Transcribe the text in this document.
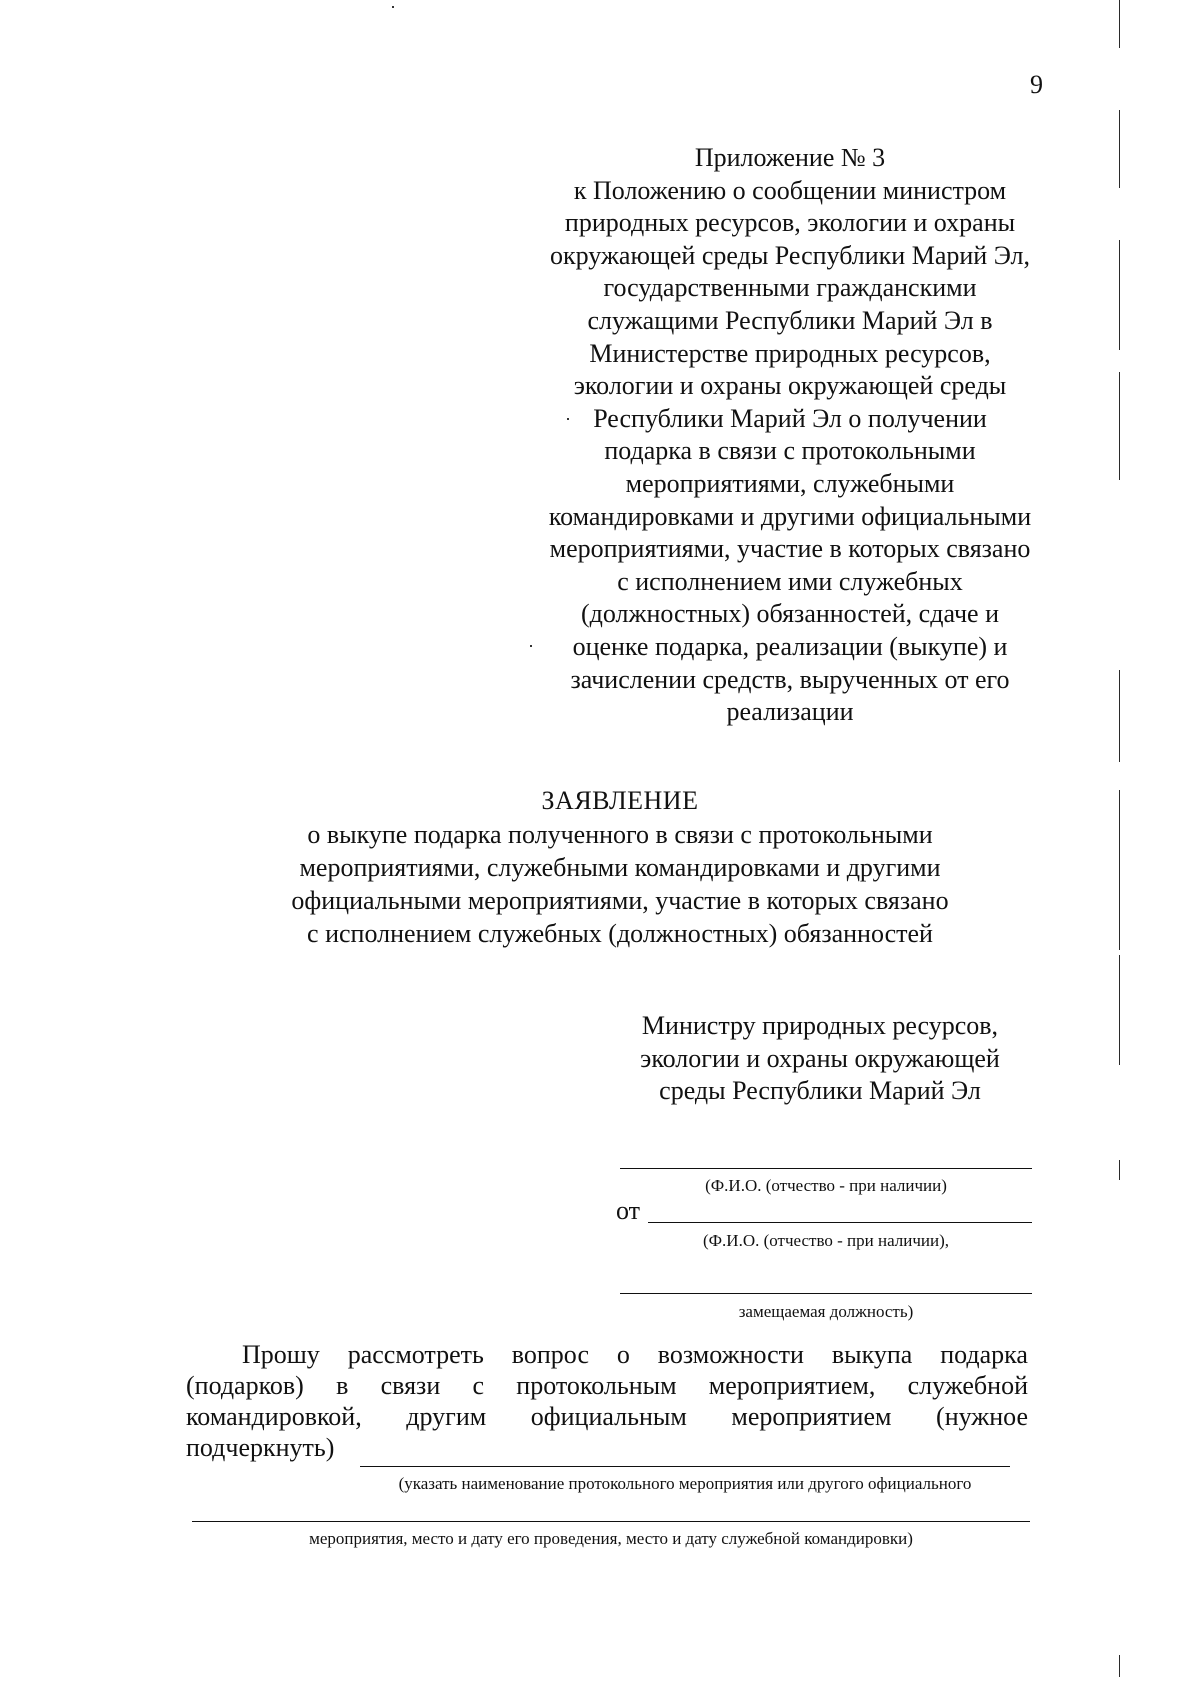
9
Приложение № 3
к Положению о сообщении министром
природных ресурсов, экологии и охраны
окружающей среды Республики Марий Эл,
государственными гражданскими
служащими Республики Марий Эл в
Министерстве природных ресурсов,
экологии и охраны окружающей среды
Республики Марий Эл о получении
подарка в связи с протокольными
мероприятиями, служебными
командировками и другими официальными
мероприятиями, участие в которых связано
с исполнением ими служебных
(должностных) обязанностей, сдаче и
оценке подарка, реализации (выкупе) и
зачислении средств, вырученных от его
реализации
ЗАЯВЛЕНИЕ
о выкупе подарка полученного в связи с протокольными
мероприятиями, служебными командировками и другими
официальными мероприятиями, участие в которых связано
с исполнением служебных (должностных) обязанностей
Министру природных ресурсов,
экологии и охраны окружающей
среды Республики Марий Эл
(Ф.И.О. (отчество - при наличии)
от
(Ф.И.О. (отчество - при наличии),
замещаемая должность)
Прошу рассмотреть вопрос о возможности выкупа подарка
(подарков) в связи с протокольным мероприятием, служебной
командировкой, другим официальным мероприятием (нужное
подчеркнуть)
(указать наименование протокольного мероприятия или другого официального
мероприятия, место и дату его проведения, место и дату служебной командировки)
